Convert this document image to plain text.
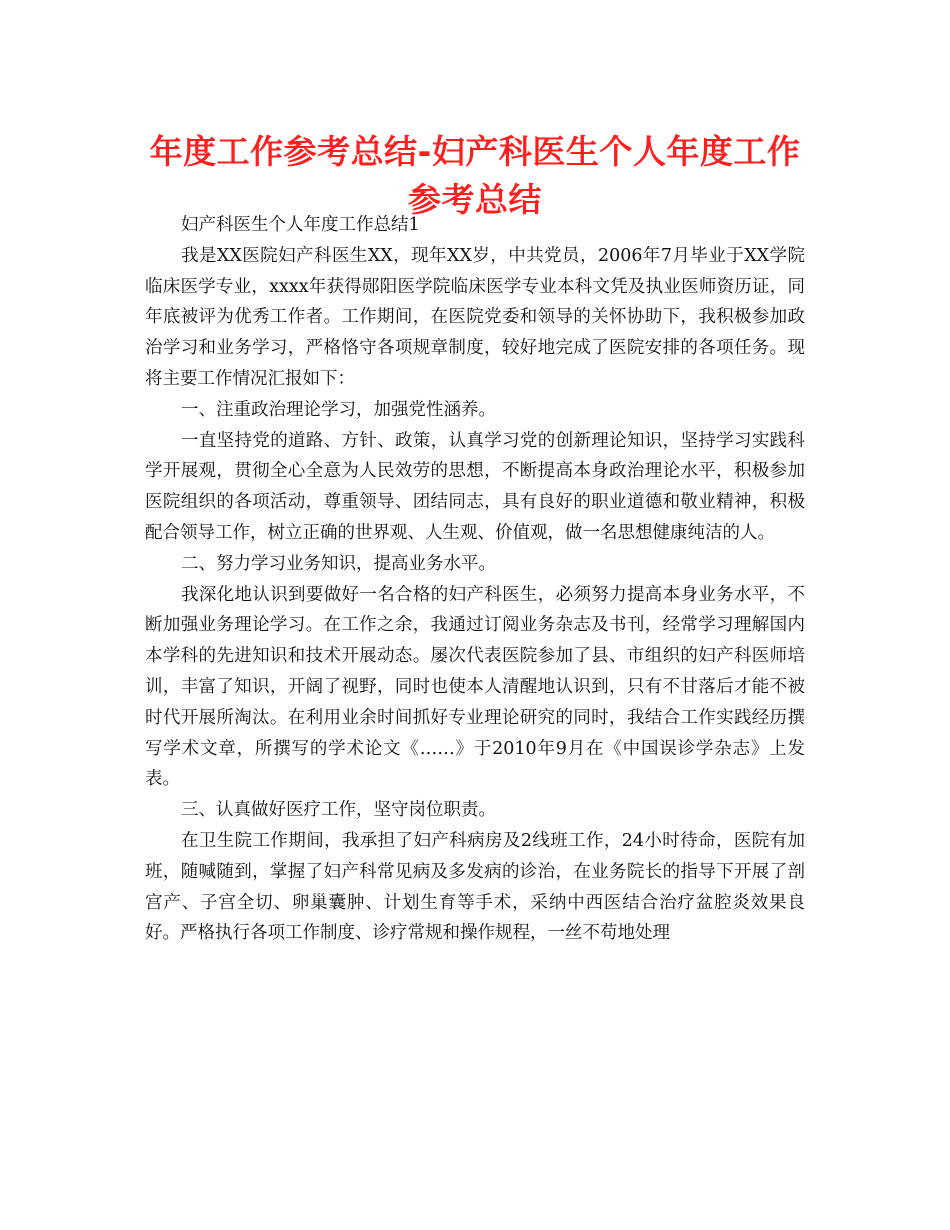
年度工作参考总结-妇产科医生个人年度工作参考总结

妇产科医生个人年度工作总结1

我是XX医院妇产科医生XX，现年XX岁，中共党员，2006年7月毕业于XX学院临床医学专业，xxxx年获得郧阳医学院临床医学专业本科文凭及执业医师资历证，同年底被评为优秀工作者。工作期间，在医院党委和领导的关怀协助下，我积极参加政治学习和业务学习，严格恪守各项规章制度，较好地完成了医院安排的各项任务。现将主要工作情况汇报如下：

一、注重政治理论学习，加强党性涵养。

一直坚持党的道路、方针、政策，认真学习党的创新理论知识，坚持学习实践科学开展观，贯彻全心全意为人民效劳的思想，不断提高本身政治理论水平，积极参加医院组织的各项活动，尊重领导、团结同志，具有良好的职业道德和敬业精神，积极配合领导工作，树立正确的世界观、人生观、价值观，做一名思想健康纯洁的人。

二、努力学习业务知识，提高业务水平。

我深化地认识到要做好一名合格的妇产科医生，必须努力提高本身业务水平，不断加强业务理论学习。在工作之余，我通过订阅业务杂志及书刊，经常学习理解国内本学科的先进知识和技术开展动态。屡次代表医院参加了县、市组织的妇产科医师培训，丰富了知识，开阔了视野，同时也使本人清醒地认识到，只有不甘落后才能不被时代开展所淘汰。在利用业余时间抓好专业理论研究的同时，我结合工作实践经历撰写学术文章，所撰写的学术论文《……》于2010年9月在《中国误诊学杂志》上发表。

三、认真做好医疗工作，坚守岗位职责。

在卫生院工作期间，我承担了妇产科病房及2线班工作，24小时待命，医院有加班，随喊随到，掌握了妇产科常见病及多发病的诊治，在业务院长的指导下开展了剖宫产、子宫全切、卵巢囊肿、计划生育等手术，采纳中西医结合治疗盆腔炎效果良好。严格执行各项工作制度、诊疗常规和操作规程，一丝不苟地处理
